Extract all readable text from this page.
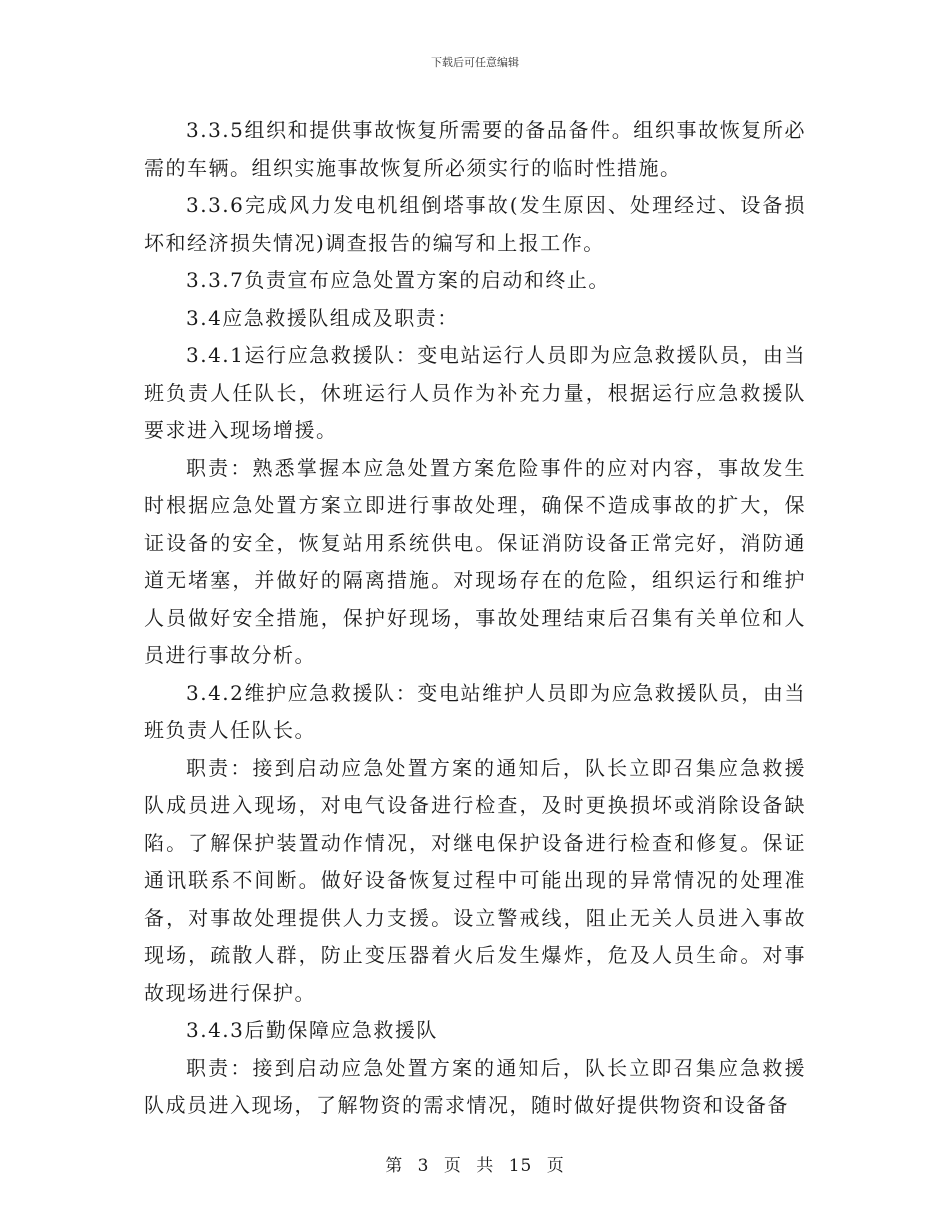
下载后可任意编辑

3.3.5组织和提供事故恢复所需要的备品备件。组织事故恢复所必需的车辆。组织实施事故恢复所必须实行的临时性措施。

3.3.6完成风力发电机组倒塔事故(发生原因、处理经过、设备损坏和经济损失情况)调查报告的编写和上报工作。

3.3.7负责宣布应急处置方案的启动和终止。

3.4应急救援队组成及职责：

3.4.1运行应急救援队：变电站运行人员即为应急救援队员，由当班负责人任队长，休班运行人员作为补充力量，根据运行应急救援队要求进入现场增援。

职责：熟悉掌握本应急处置方案危险事件的应对内容，事故发生时根据应急处置方案立即进行事故处理，确保不造成事故的扩大，保证设备的安全，恢复站用系统供电。保证消防设备正常完好，消防通道无堵塞，并做好的隔离措施。对现场存在的危险，组织运行和维护人员做好安全措施，保护好现场，事故处理结束后召集有关单位和人员进行事故分析。

3.4.2维护应急救援队：变电站维护人员即为应急救援队员，由当班负责人任队长。

职责：接到启动应急处置方案的通知后，队长立即召集应急救援队成员进入现场，对电气设备进行检查，及时更换损坏或消除设备缺陷。了解保护装置动作情况，对继电保护设备进行检查和修复。保证通讯联系不间断。做好设备恢复过程中可能出现的异常情况的处理准备，对事故处理提供人力支援。设立警戒线，阻止无关人员进入事故现场，疏散人群，防止变压器着火后发生爆炸，危及人员生命。对事故现场进行保护。

3.4.3后勤保障应急救援队

职责：接到启动应急处置方案的通知后，队长立即召集应急救援队成员进入现场，了解物资的需求情况，随时做好提供物资和设备备

第 3 页 共 15 页
